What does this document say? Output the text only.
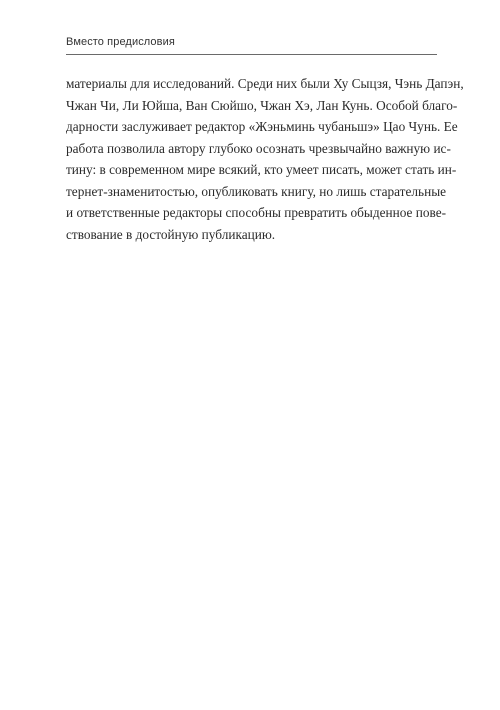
Вместо предисловия
материалы для исследований. Среди них были Ху Сыцзя, Чэнь Дапэн,
Чжан Чи, Ли Юйша, Ван Сюйшо, Чжан Хэ, Лан Кунь. Особой благо-
дарности заслуживает редактор «Жэньминь чубаньшэ» Цао Чунь. Ее
работа позволила автору глубоко осознать чрезвычайно важную ис-
тину: в современном мире всякий, кто умеет писать, может стать ин-
тернет-знаменитостью, опубликовать книгу, но лишь старательные
и ответственные редакторы способны превратить обыденное пове-
ствование в достойную публикацию.
